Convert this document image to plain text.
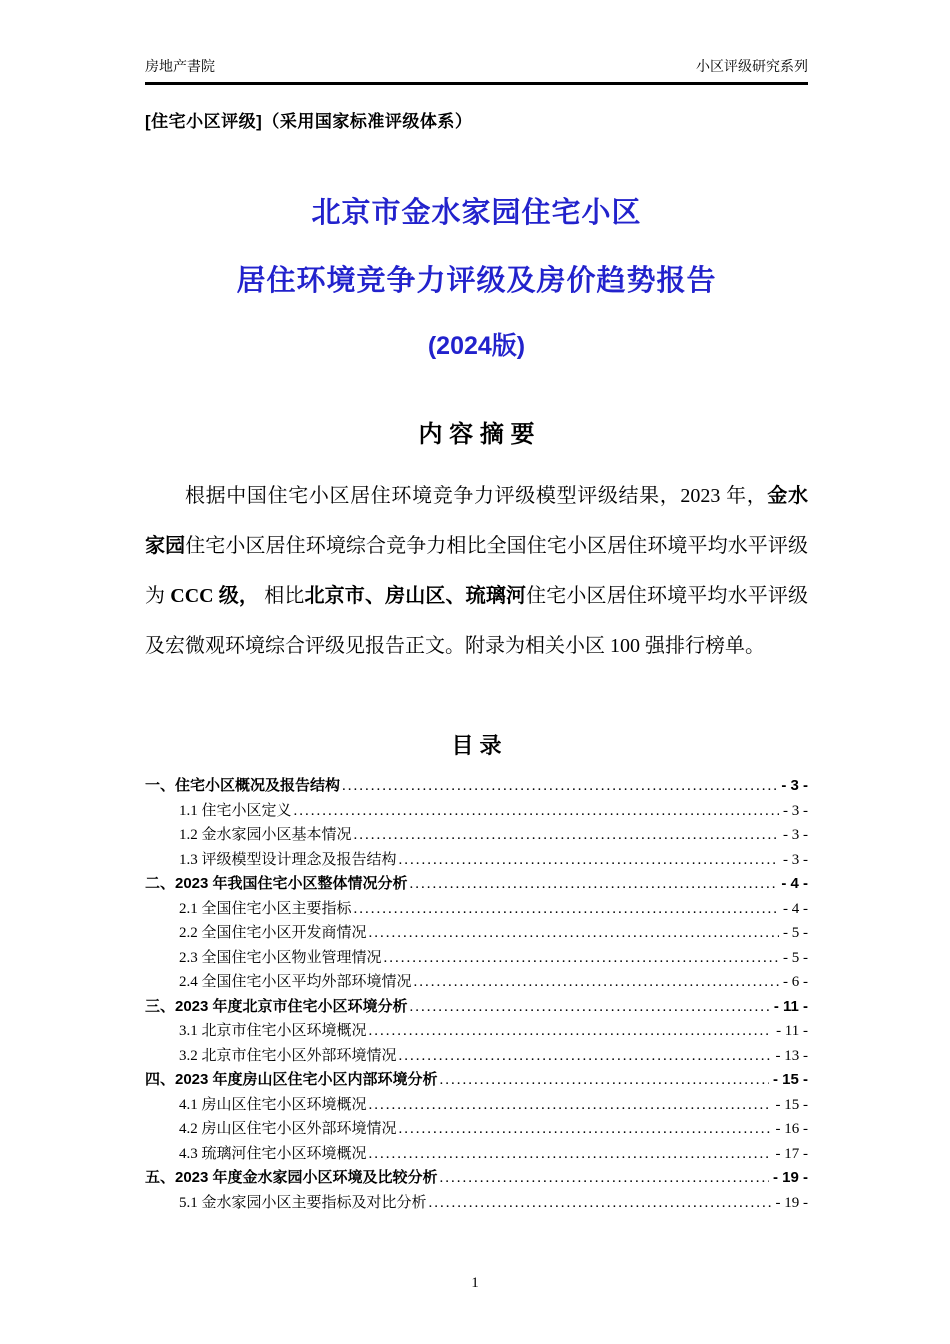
房地产書院	小区评级研究系列
[住宅小区评级]（采用国家标准评级体系）
北京市金水家园住宅小区
居住环境竞争力评级及房价趋势报告
(2024版)
内 容 摘 要

根据中国住宅小区居住环境竞争力评级模型评级结果，2023 年，金水家园住宅小区居住环境综合竞争力相比全国住宅小区居住环境平均水平评级为 CCC 级， 相比北京市、房山区、琉璃河住宅小区居住环境平均水平评级及宏微观环境综合评级见报告正文。附录为相关小区 100 强排行榜单。

目 录
一、住宅小区概况及报告结构 .....	- 3 -
1.1 住宅小区定义 .....	- 3 -
1.2 金水家园小区基本情况 .....	- 3 -
1.3 评级模型设计理念及报告结构 .....	- 3 -
二、2023 年我国住宅小区整体情况分析 .....	- 4 -
2.1 全国住宅小区主要指标 .....	- 4 -
2.2 全国住宅小区开发商情况 .....	- 5 -
2.3 全国住宅小区物业管理情况 .....	- 5 -
2.4 全国住宅小区平均外部环境情况 .....	- 6 -
三、2023 年度北京市住宅小区环境分析 .....	- 11 -
3.1 北京市住宅小区环境概况 .....	- 11 -
3.2 北京市住宅小区外部环境情况 .....	- 13 -
四、2023 年度房山区住宅小区内部环境分析 .....	- 15 -
4.1 房山区住宅小区环境概况 .....	- 15 -
4.2 房山区住宅小区外部环境情况 .....	- 16 -
4.3 琉璃河住宅小区环境概况 .....	- 17 -
五、2023 年度金水家园小区环境及比较分析 .....	- 19 -
5.1 金水家园小区主要指标及对比分析 .....	- 19 -
1
